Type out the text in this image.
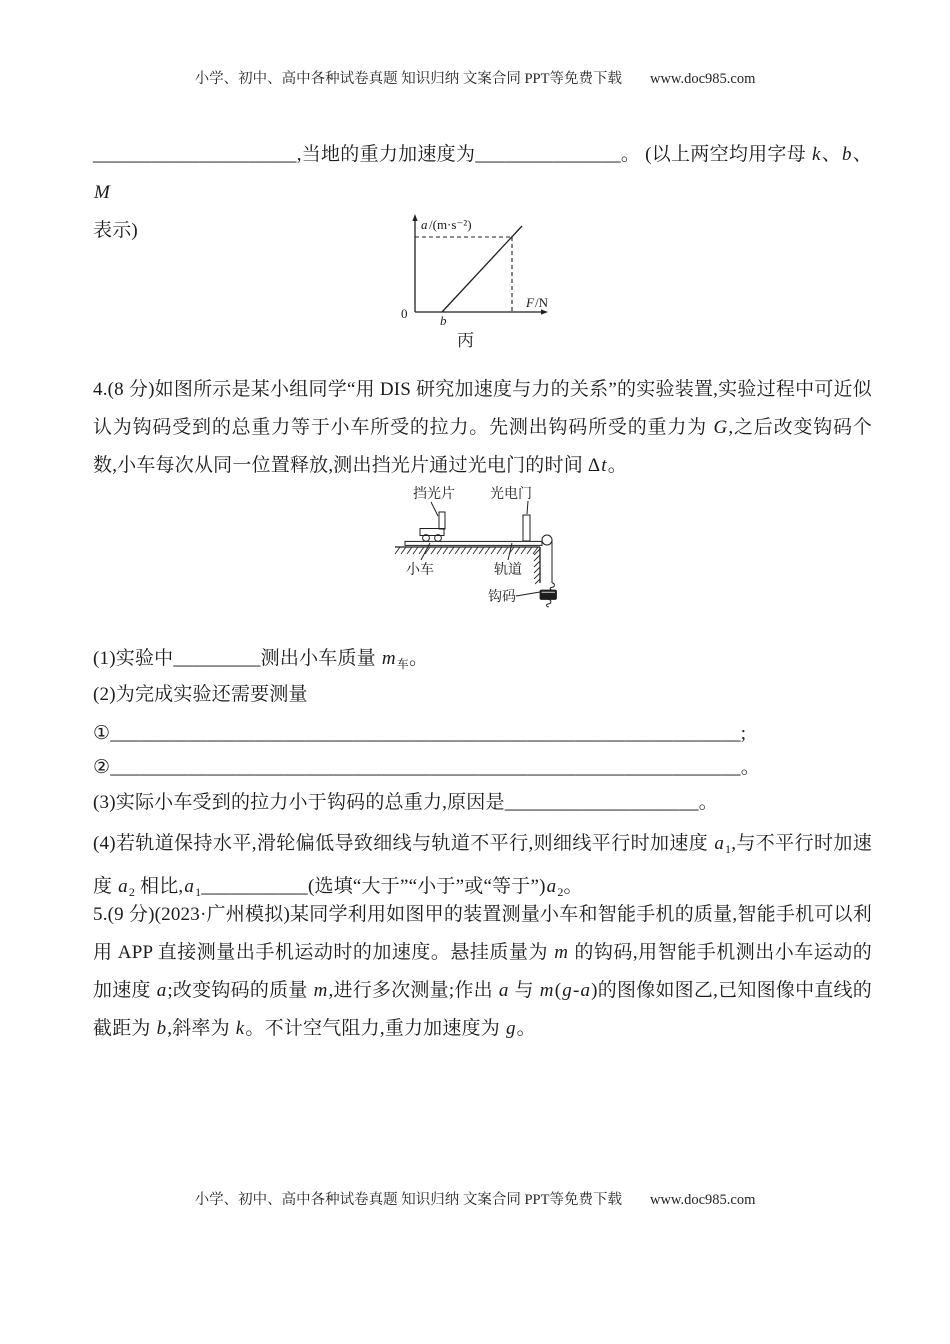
小学、初中、高中各种试卷真题 知识归纳 文案合同 PPT等免费下载 www.doc985.com

_____________________,当地的重力加速度为_______________。 (以上两空均用字母 k、b、M
表示)	a /(m·s⁻²)
F /N
0	b
丙

4.(8 分)如图所示是某小组同学“用 DIS 研究加速度与力的关系”的实验装置,实验过程中可近似认为钩码受到的总重力等于小车所受的拉力。先测出钩码所受的重力为 G,之后改变钩码个数,小车每次从同一位置释放,测出挡光片通过光电门的时间 Δt。

挡光片	光电门
小车	轨道
钩码

(1)实验中_________测出小车质量 $m_车$。

(2)为完成实验还需要测量

①_________________________________________________________________;

②_________________________________________________________________。

(3)实际小车受到的拉力小于钩码的总重力,原因是____________________。

(4)若轨道保持水平,滑轮偏低导致细线与轨道不平行,则细线平行时加速度 $a_1$,与不平行时加速度 $a_2$ 相比$,a_1\_\_\_\_\_\_\_\_\_\_\_$(选填“大于”“小于”或“等于$”)a_2$。

5.(9 分)(2023·广州模拟)某同学利用如图甲的装置测量小车和智能手机的质量,智能手机可以利用 APP 直接测量出手机运动时的加速度。悬挂质量为 m 的钩码,用智能手机测出小车运动的加速度 a;改变钩码的质量 m,进行多次测量;作出 a 与 m(g-a)的图像如图乙,已知图像中直线的截距为 b,斜率为 k。不计空气阻力,重力加速度为 g。

小学、初中、高中各种试卷真题 知识归纳 文案合同 PPT等免费下载 www.doc985.com
